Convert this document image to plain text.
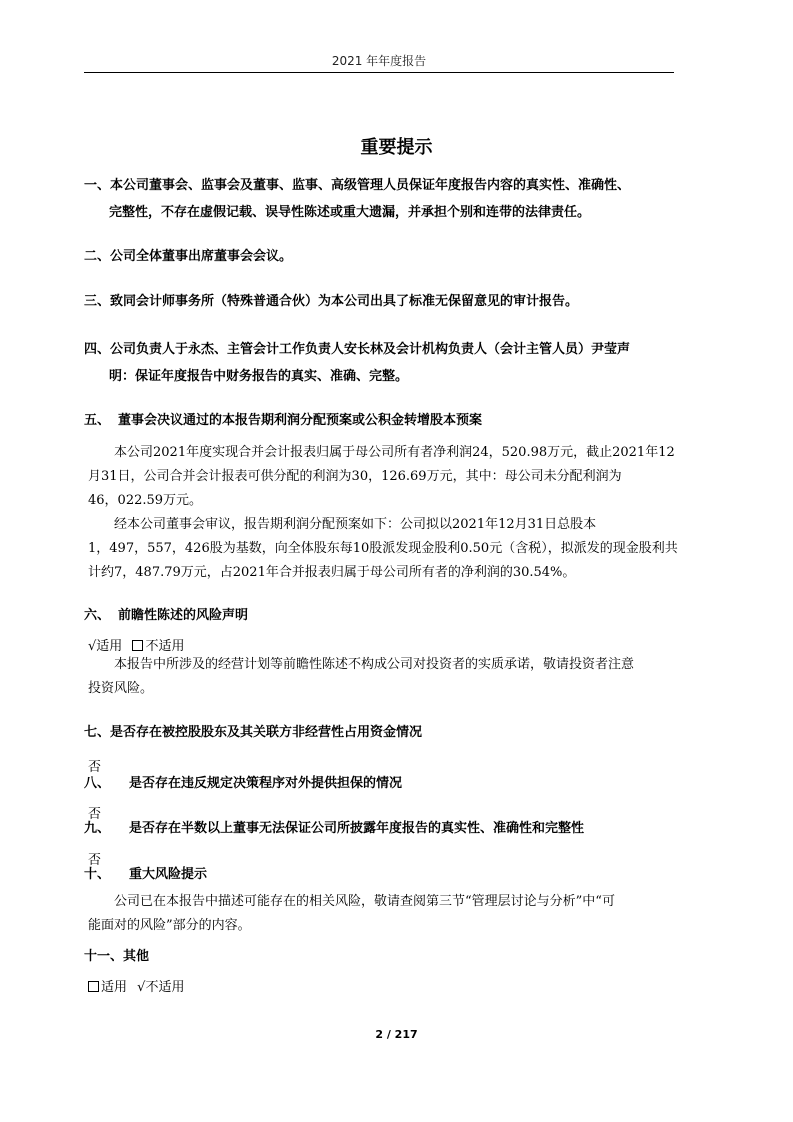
2021 年年度报告
重要提示
一、本公司董事会、监事会及董事、监事、高级管理人员保证年度报告内容的真实性、准确性、
完整性，不存在虚假记载、误导性陈述或重大遗漏，并承担个别和连带的法律责任。
二、公司全体董事出席董事会会议。
三、致同会计师事务所（特殊普通合伙）为本公司出具了标准无保留意见的审计报告。
四、公司负责人于永杰、主管会计工作负责人安长林及会计机构负责人（会计主管人员）尹莹声
明：保证年度报告中财务报告的真实、准确、完整。
五、 董事会决议通过的本报告期利润分配预案或公积金转增股本预案
　　本公司2021年度实现合并会计报表归属于母公司所有者净利润24，520.98万元，截止2021年12
月31日，公司合并会计报表可供分配的利润为30，126.69万元，其中：母公司未分配利润为
46，022.59万元。
　　经本公司董事会审议，报告期利润分配预案如下：公司拟以2021年12月31日总股本
1，497，557，426股为基数，向全体股东每10股派发现金股利0.50元（含税），拟派发的现金股利共
计约7，487.79万元，占2021年合并报表归属于母公司所有者的净利润的30.54%。
六、 前瞻性陈述的风险声明
√适用 不适用
　　本报告中所涉及的经营计划等前瞻性陈述不构成公司对投资者的实质承诺，敬请投资者注意
投资风险。
七、是否存在被控股股东及其关联方非经营性占用资金情况
否
八、 是否存在违反规定决策程序对外提供担保的情况
否
九、 是否存在半数以上董事无法保证公司所披露年度报告的真实性、准确性和完整性
否
十、 重大风险提示
　　公司已在本报告中描述可能存在的相关风险，敬请查阅第三节“管理层讨论与分析”中“可
能面对的风险”部分的内容。
十一、其他
适用 √不适用
2 / 217
